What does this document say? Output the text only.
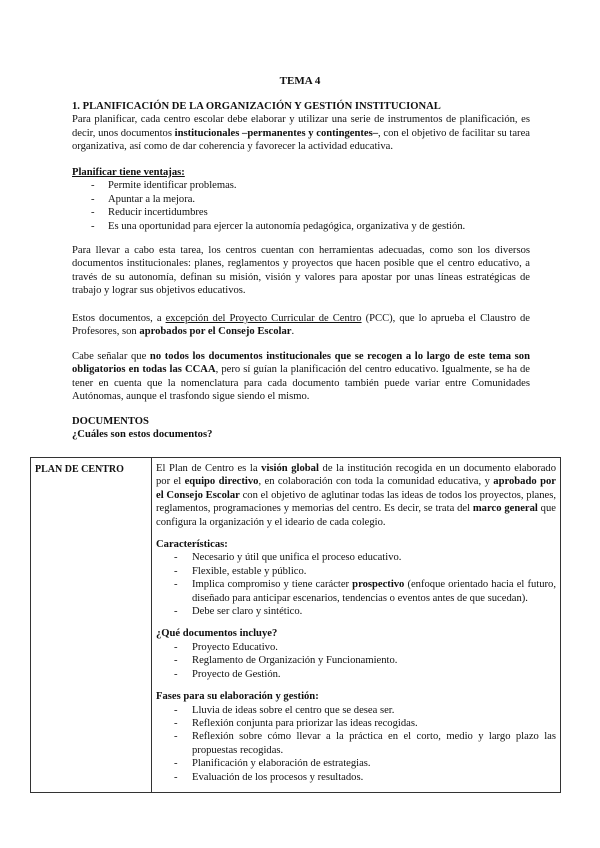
TEMA 4

1. PLANIFICACIÓN DE LA ORGANIZACIÓN Y GESTIÓN INSTITUCIONAL

Para planificar, cada centro escolar debe elaborar y utilizar una serie de instrumentos de planificación, es decir, unos documentos institucionales –permanentes y contingentes–, con el objetivo de facilitar su tarea organizativa, así como de dar coherencia y favorecer la actividad educativa.

Planificar tiene ventajas:

- Permite identificar problemas.
- Apuntar a la mejora.
- Reducir incertidumbres
- Es una oportunidad para ejercer la autonomía pedagógica, organizativa y de gestión.
Para llevar a cabo esta tarea, los centros cuentan con herramientas adecuadas, como son los diversos documentos institucionales: planes, reglamentos y proyectos que hacen posible que el centro educativo, a través de su autonomía, definan su misión, visión y valores para apostar por unas líneas estratégicas de trabajo y lograr sus objetivos educativos.
Estos documentos, a excepción del Proyecto Curricular de Centro (PCC), que lo aprueba el Claustro de Profesores, son aprobados por el Consejo Escolar.
Cabe señalar que no todos los documentos institucionales que se recogen a lo largo de este tema son obligatorios en todas las CCAA, pero sí guían la planificación del centro educativo. Igualmente, se ha de tener en cuenta que la nomenclatura para cada documento también puede variar entre Comunidades Autónomas, aunque el trasfondo sigue siendo el mismo.

DOCUMENTOS

¿Cuáles son estos documentos?

PLAN DE CENTRO	El Plan de Centro es la visión global de la institución recogida en un documento elaborado por el equipo directivo, en colaboración con toda la comunidad educativa, y aprobado por el Consejo Escolar con el objetivo de aglutinar todas las ideas de todos los proyectos, planes, reglamentos, programaciones y memorias del centro. Es decir, se trata del marco general que configura la organización y el ideario de cada colegio.

Características:

- Necesario y útil que unifica el proceso educativo.
- Flexible, estable y público.
- Implica compromiso y tiene carácter prospectivo (enfoque orientado hacia el futuro, diseñado para anticipar escenarios, tendencias o eventos antes de que sucedan).
- Debe ser claro y sintético.

¿Qué documentos incluye?

- Proyecto Educativo.
- Reglamento de Organización y Funcionamiento.
- Proyecto de Gestión.

Fases para su elaboración y gestión:

- Lluvia de ideas sobre el centro que se desea ser.
- Reflexión conjunta para priorizar las ideas recogidas.
- Reflexión sobre cómo llevar a la práctica en el corto, medio y largo plazo las propuestas recogidas.
- Planificación y elaboración de estrategias.
- Evaluación de los procesos y resultados.
